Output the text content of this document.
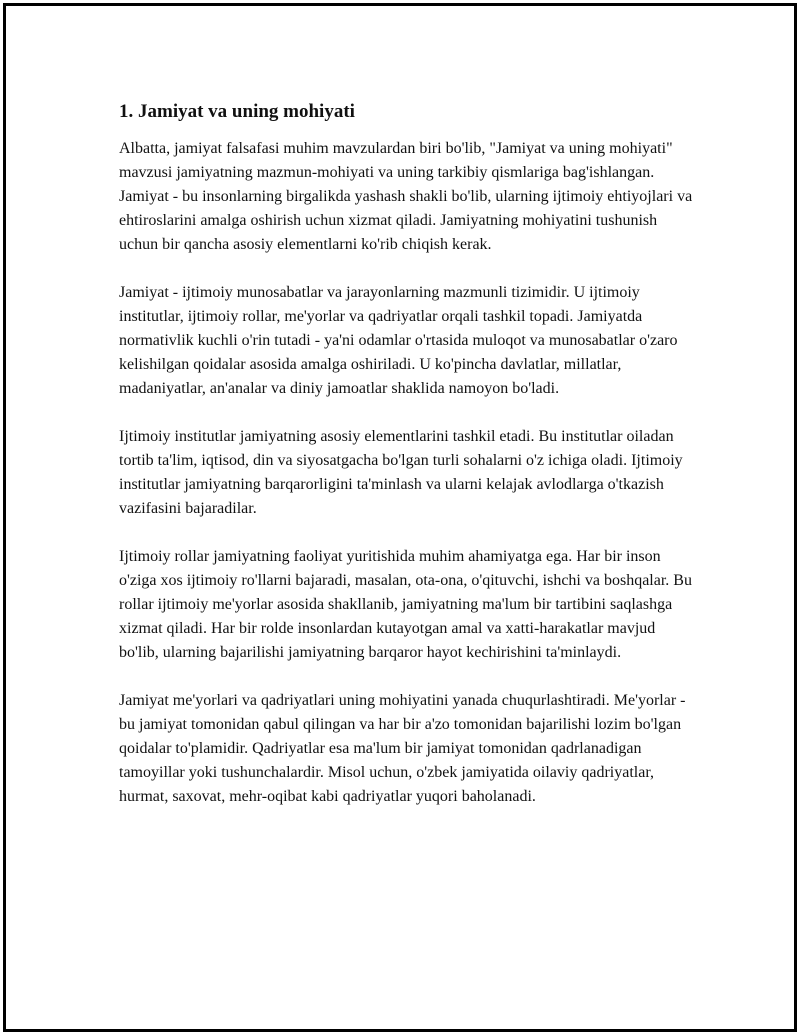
1. Jamiyat va uning mohiyati

Albatta, jamiyat falsafasi muhim mavzulardan biri bo'lib, "Jamiyat va uning mohiyati" mavzusi jamiyatning mazmun-mohiyati va uning tarkibiy qismlariga bag'ishlangan. Jamiyat - bu insonlarning birgalikda yashash shakli bo'lib, ularning ijtimoiy ehtiyojlari va ehtiroslarini amalga oshirish uchun xizmat qiladi. Jamiyatning mohiyatini tushunish uchun bir qancha asosiy elementlarni ko'rib chiqish kerak.

Jamiyat - ijtimoiy munosabatlar va jarayonlarning mazmunli tizimidir. U ijtimoiy institutlar, ijtimoiy rollar, me'yorlar va qadriyatlar orqali tashkil topadi. Jamiyatda normativlik kuchli o'rin tutadi - ya'ni odamlar o'rtasida muloqot va munosabatlar o'zaro kelishilgan qoidalar asosida amalga oshiriladi. U ko'pincha davlatlar, millatlar, madaniyatlar, an'analar va diniy jamoatlar shaklida namoyon bo'ladi.

Ijtimoiy institutlar jamiyatning asosiy elementlarini tashkil etadi. Bu institutlar oiladan tortib ta'lim, iqtisod, din va siyosatgacha bo'lgan turli sohalarni o'z ichiga oladi. Ijtimoiy institutlar jamiyatning barqarorligini ta'minlash va ularni kelajak avlodlarga o'tkazish vazifasini bajaradilar.

Ijtimoiy rollar jamiyatning faoliyat yuritishida muhim ahamiyatga ega. Har bir inson o'ziga xos ijtimoiy ro'llarni bajaradi, masalan, ota-ona, o'qituvchi, ishchi va boshqalar. Bu rollar ijtimoiy me'yorlar asosida shakllanib, jamiyatning ma'lum bir tartibini saqlashga xizmat qiladi. Har bir rolde insonlardan kutayotgan amal va xatti-harakatlar mavjud bo'lib, ularning bajarilishi jamiyatning barqaror hayot kechirishini ta'minlaydi.

Jamiyat me'yorlari va qadriyatlari uning mohiyatini yanada chuqurlashtiradi. Me'yorlar - bu jamiyat tomonidan qabul qilingan va har bir a'zo tomonidan bajarilishi lozim bo'lgan qoidalar to'plamidir. Qadriyatlar esa ma'lum bir jamiyat tomonidan qadrlanadigan tamoyillar yoki tushunchalardir. Misol uchun, o'zbek jamiyatida oilaviy qadriyatlar, hurmat, saxovat, mehr-oqibat kabi qadriyatlar yuqori baholanadi.
